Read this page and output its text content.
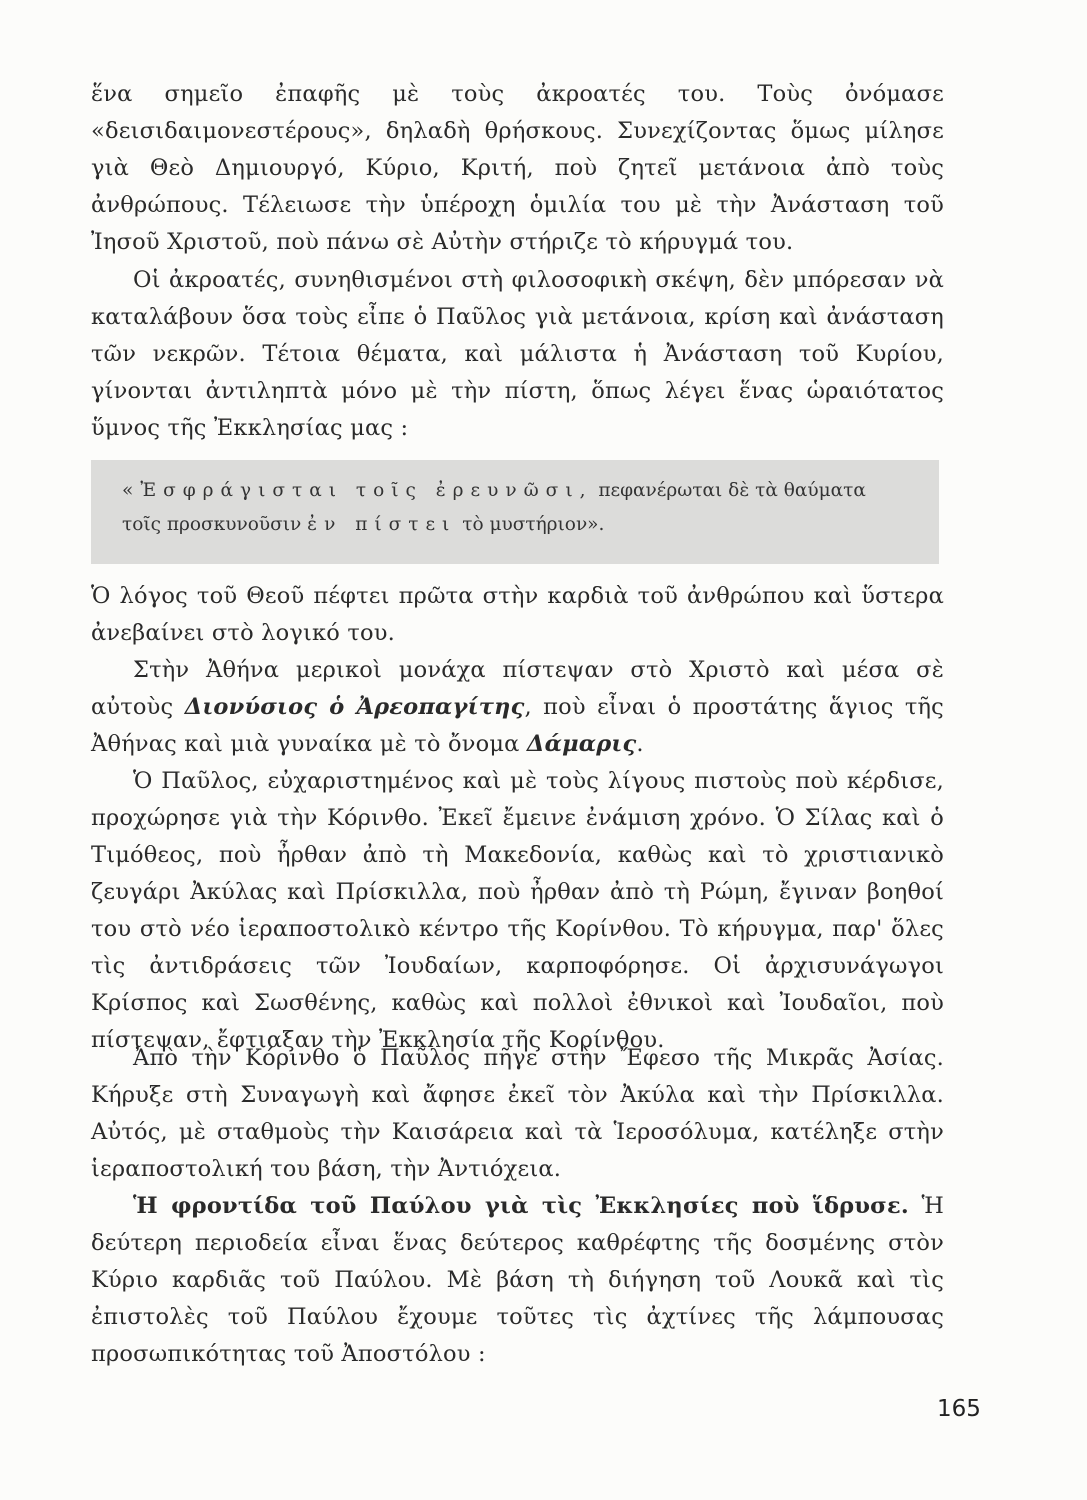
ἕνα σημεῖο ἐπαφῆς μὲ τοὺς ἀκροατές του. Τοὺς ὀνόμασε «δεισιδαιμονεστέρους», δηλαδὴ θρήσκους. Συνεχίζοντας ὅμως μίλησε γιὰ Θεὸ Δημιουργό, Κύριο, Κριτή, ποὺ ζητεῖ μετάνοια ἀπὸ τοὺς ἀνθρώπους. Τέλειωσε τὴν ὑπέροχη ὁμιλία του μὲ τὴν Ἀνάσταση τοῦ Ἰησοῦ Χριστοῦ, ποὺ πάνω σὲ Αὐτὴν στήριζε τὸ κήρυγμά του.

Οἱ ἀκροατές, συνηθισμένοι στὴ φιλοσοφικὴ σκέψη, δὲν μπόρεσαν νὰ καταλάβουν ὅσα τοὺς εἶπε ὁ Παῦλος γιὰ μετάνοια, κρίση καὶ ἀνάσταση τῶν νεκρῶν. Τέτοια θέματα, καὶ μάλιστα ἡ Ἀνάσταση τοῦ Κυρίου, γίνονται ἀντιληπτὰ μόνο μὲ τὴν πίστη, ὅπως λέγει ἕνας ὡραιότατος ὕμνος τῆς Ἐκκλησίας μας :

«Ἐσφράγισται τοῖς ἐρευνῶσι, πεφανέρωται δὲ τὰ θαύματα
τοῖς προσκυνοῦσιν ἐν πίστει τὸ μυστήριον».

Ὁ λόγος τοῦ Θεοῦ πέφτει πρῶτα στὴν καρδιὰ τοῦ ἀνθρώπου καὶ ὕστερα ἀνεβαίνει στὸ λογικό του.

Στὴν Ἀθήνα μερικοὶ μονάχα πίστεψαν στὸ Χριστὸ καὶ μέσα σὲ αὐτοὺς Διονύσιος ὁ Ἀρεοπαγίτης, ποὺ εἶναι ὁ προστάτης ἅγιος τῆς Ἀθήνας καὶ μιὰ γυναίκα μὲ τὸ ὄνομα Δάμαρις.

Ὁ Παῦλος, εὐχαριστημένος καὶ μὲ τοὺς λίγους πιστοὺς ποὺ κέρδισε, προχώρησε γιὰ τὴν Κόρινθο. Ἐκεῖ ἔμεινε ἐνάμιση χρόνο. Ὁ Σίλας καὶ ὁ Τιμόθεος, ποὺ ἦρθαν ἀπὸ τὴ Μακεδονία, καθὼς καὶ τὸ χριστιανικὸ ζευγάρι Ἀκύλας καὶ Πρίσκιλλα, ποὺ ἦρθαν ἀπὸ τὴ Ρώμη, ἔγιναν βοηθοί του στὸ νέο ἱεραποστολικὸ κέντρο τῆς Κορίνθου. Τὸ κήρυγμα, παρ' ὅλες τὶς ἀντιδράσεις τῶν Ἰουδαίων, καρποφόρησε. Οἱ ἀρχισυνάγωγοι Κρίσπος καὶ Σωσθένης, καθὼς καὶ πολλοὶ ἐθνικοὶ καὶ Ἰουδαῖοι, ποὺ πίστεψαν, ἔφτιαξαν τὴν Ἐκκλησία τῆς Κορίνθου.

Ἀπὸ τὴν Κόρινθο ὁ Παῦλος πῆγε στὴν Ἔφεσο τῆς Μικρᾶς Ἀσίας. Κήρυξε στὴ Συναγωγὴ καὶ ἄφησε ἐκεῖ τὸν Ἀκύλα καὶ τὴν Πρίσκιλλα. Αὐτός, μὲ σταθμοὺς τὴν Καισάρεια καὶ τὰ Ἱεροσόλυμα, κατέληξε στὴν ἱεραποστολική του βάση, τὴν Ἀντιόχεια.

Ἡ φροντίδα τοῦ Παύλου γιὰ τὶς Ἐκκλησίες ποὺ ἵδρυσε. Ἡ δεύτερη περιοδεία εἶναι ἕνας δεύτερος καθρέφτης τῆς δοσμένης στὸν Κύριο καρδιᾶς τοῦ Παύλου. Μὲ βάση τὴ διήγηση τοῦ Λουκᾶ καὶ τὶς ἐπιστολὲς τοῦ Παύλου ἔχουμε τοῦτες τὶς ἀχτίνες τῆς λάμπουσας προσωπικότητας τοῦ Ἀποστόλου :

165
